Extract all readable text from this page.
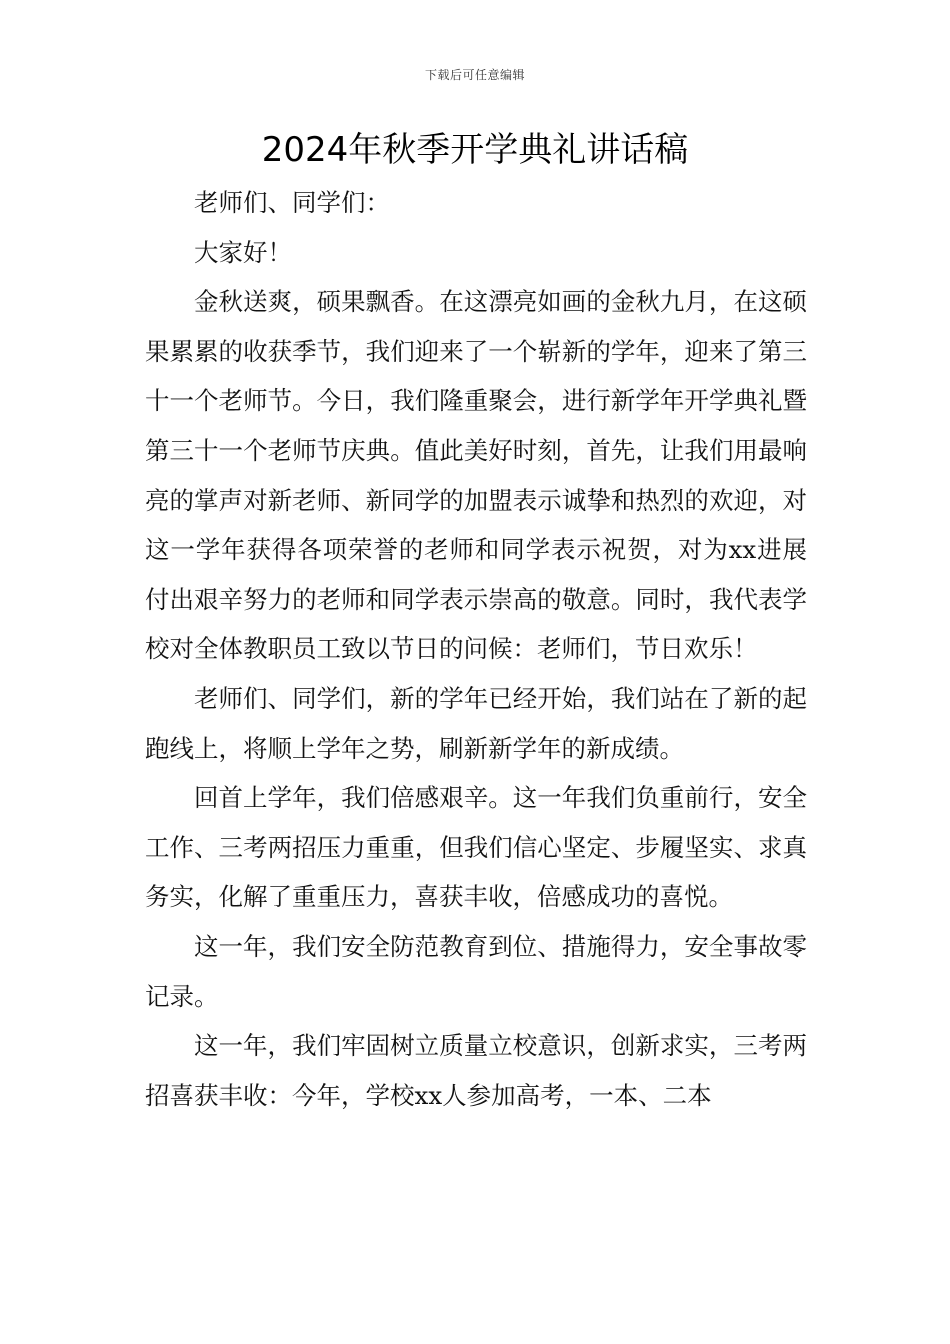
下载后可任意编辑
2024年秋季开学典礼讲话稿

老师们、同学们：

大家好！

金秋送爽，硕果飘香。在这漂亮如画的金秋九月，在这硕果累累的收获季节，我们迎来了一个崭新的学年，迎来了第三十一个老师节。今日，我们隆重聚会，进行新学年开学典礼暨第三十一个老师节庆典。值此美好时刻，首先，让我们用最响亮的掌声对新老师、新同学的加盟表示诚挚和热烈的欢迎，对这一学年获得各项荣誉的老师和同学表示祝贺，对为xx进展付出艰辛努力的老师和同学表示崇高的敬意。同时，我代表学校对全体教职员工致以节日的问候：老师们，节日欢乐！

老师们、同学们，新的学年已经开始，我们站在了新的起跑线上，将顺上学年之势，刷新新学年的新成绩。

回首上学年，我们倍感艰辛。这一年我们负重前行，安全工作、三考两招压力重重，但我们信心坚定、步履坚实、求真务实，化解了重重压力，喜获丰收，倍感成功的喜悦。

这一年，我们安全防范教育到位、措施得力，安全事故零记录。

这一年，我们牢固树立质量立校意识，创新求实，三考两招喜获丰收：今年，学校xx人参加高考，一本、二本
